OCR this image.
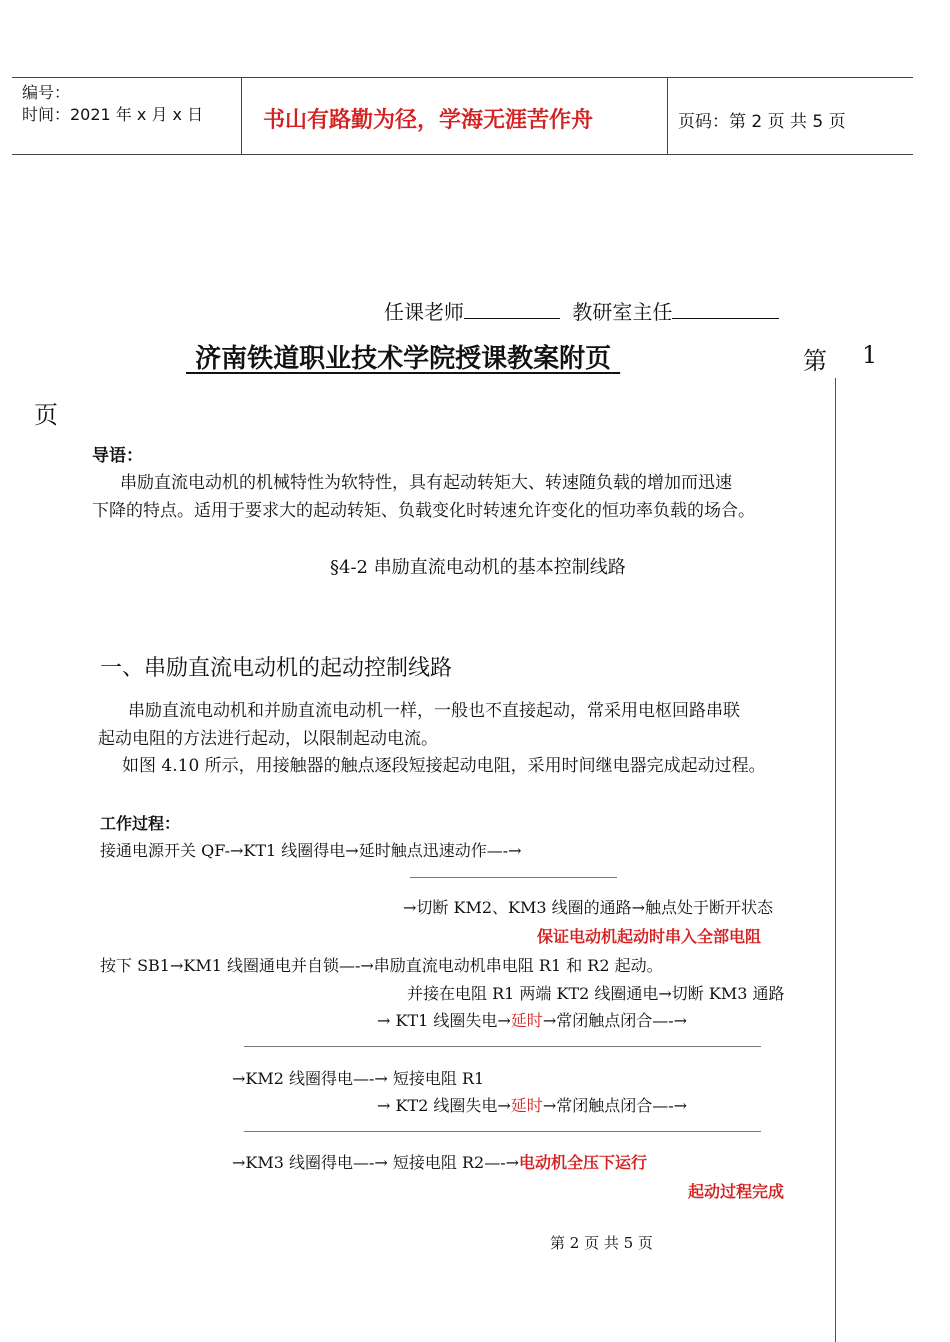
编号：
时间：2021 年 x 月 x 日	书山有路勤为径，学海无涯苦作舟	页码：第 2 页 共 5 页
任课老师	教研室主任
济南铁道职业技术学院授课教案附页	第 1
页
导语：
串励直流电动机的机械特性为软特性，具有起动转矩大、转速随负载的增加而迅速
下降的特点。适用于要求大的起动转矩、负载变化时转速允许变化的恒功率负载的场合。
§4-2 串励直流电动机的基本控制线路
一、串励直流电动机的起动控制线路
串励直流电动机和并励直流电动机一样，一般也不直接起动，常采用电枢回路串联
起动电阻的方法进行起动，以限制起动电流。
如图 4.10 所示，用接触器的触点逐段短接起动电阻，采用时间继电器完成起动过程。
工作过程：
接通电源开关 QF-→KT1 线圈得电→延时触点迅速动作—-→
→切断 KM2、KM3 线圈的通路→触点处于断开状态
保证电动机起动时串入全部电阻
按下 SB1→KM1 线圈通电并自锁—-→串励直流电动机串电阻 R1 和 R2 起动。
并接在电阻 R1 两端 KT2 线圈通电→切断 KM3 通路
→ KT1 线圈失电→延时→常闭触点闭合—-→
→KM2 线圈得电—-→ 短接电阻 R1
→ KT2 线圈失电→延时→常闭触点闭合—-→
→KM3 线圈得电—-→ 短接电阻 R2—-→电动机全压下运行
起动过程完成
第 2 页 共 5 页
